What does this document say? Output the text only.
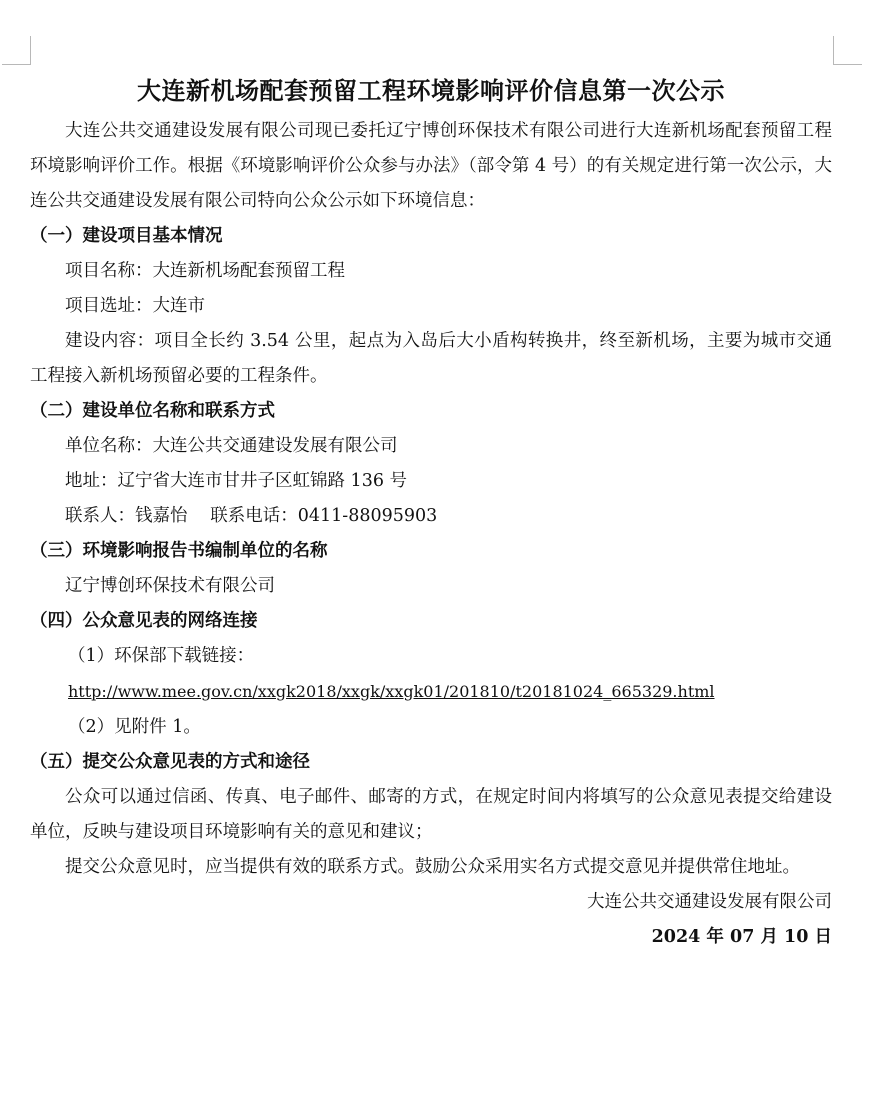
大连新机场配套预留工程环境影响评价信息第一次公示

大连公共交通建设发展有限公司现已委托辽宁博创环保技术有限公司进行大连新机场配套预留工程环境影响评价工作。根据《环境影响评价公众参与办法》（部令第 4 号）的有关规定进行第一次公示，大连公共交通建设发展有限公司特向公众公示如下环境信息：

（一）建设项目基本情况

项目名称：大连新机场配套预留工程

项目选址：大连市

建设内容：项目全长约 3.54 公里，起点为入岛后大小盾构转换井，终至新机场，主要为城市交通工程接入新机场预留必要的工程条件。

（二）建设单位名称和联系方式

单位名称：大连公共交通建设发展有限公司

地址：辽宁省大连市甘井子区虹锦路 136 号

联系人：钱嘉怡 联系电话：0411-88095903

（三）环境影响报告书编制单位的名称

辽宁博创环保技术有限公司

（四）公众意见表的网络连接

（1）环保部下载链接：

http://www.mee.gov.cn/xxgk2018/xxgk/xxgk01/201810/t20181024_665329.html

（2）见附件 1。

（五）提交公众意见表的方式和途径

公众可以通过信函、传真、电子邮件、邮寄的方式，在规定时间内将填写的公众意见表提交给建设单位，反映与建设项目环境影响有关的意见和建议；

提交公众意见时，应当提供有效的联系方式。鼓励公众采用实名方式提交意见并提供常住地址。

大连公共交通建设发展有限公司

2024 年 07 月 10 日
